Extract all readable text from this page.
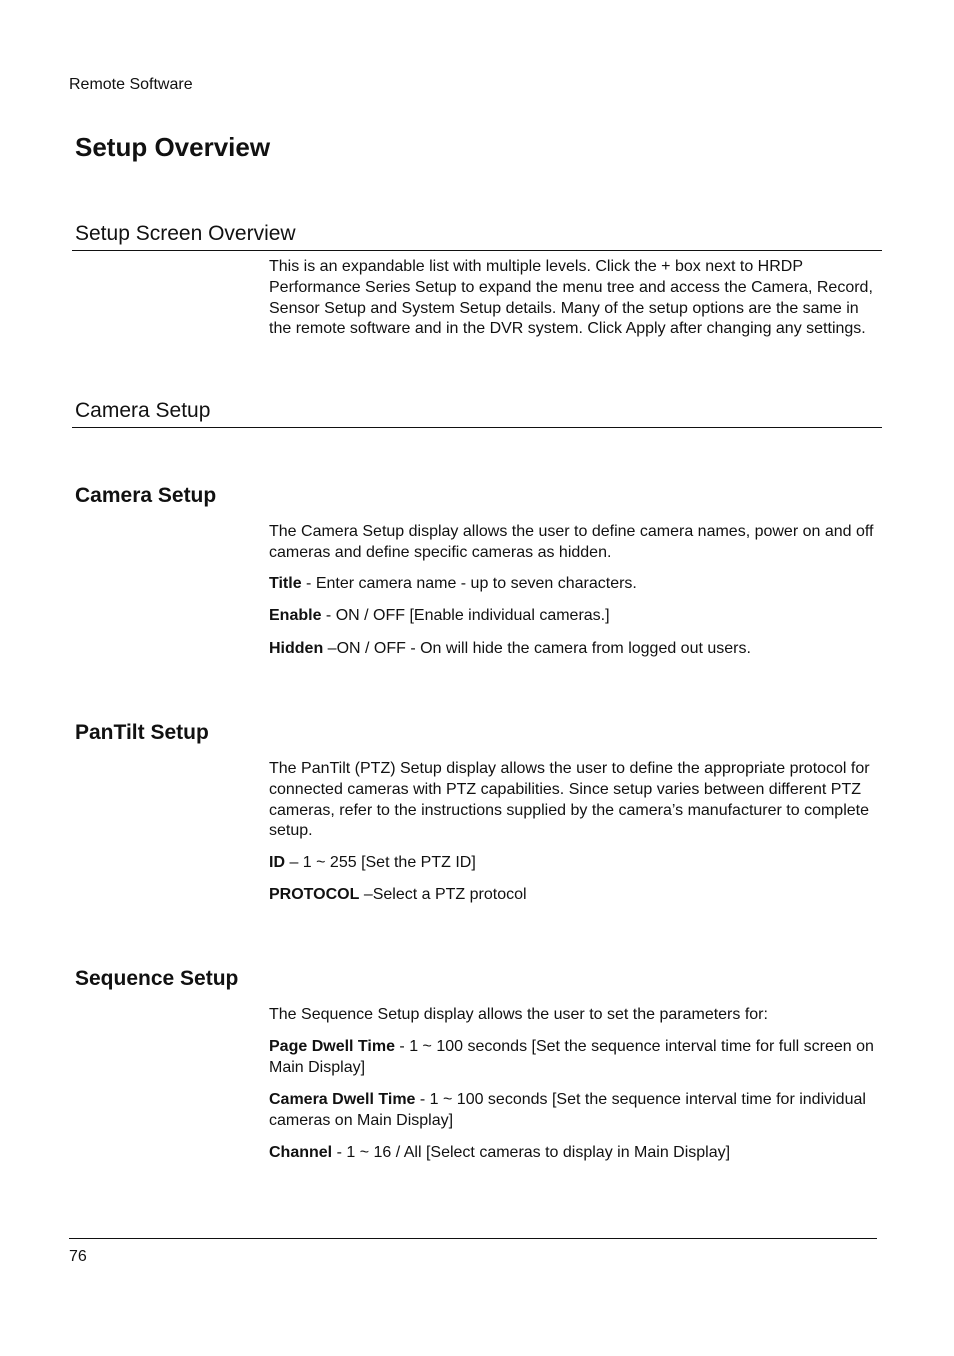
Remote Software
Setup Overview
Setup Screen Overview

This is an expandable list with multiple levels. Click the + box next to HRDP Performance Series Setup to expand the menu tree and access the Camera, Record, Sensor Setup and System Setup details. Many of the setup options are the same in the remote software and in the DVR system. Click Apply after changing any settings.

Camera Setup
Camera Setup

The Camera Setup display allows the user to define camera names, power on and off cameras and define specific cameras as hidden.

Title - Enter camera name - up to seven characters.

Enable - ON / OFF [Enable individual cameras.]

Hidden –ON / OFF - On will hide the camera from logged out users.

PanTilt Setup

The PanTilt (PTZ) Setup display allows the user to define the appropriate protocol for connected cameras with PTZ capabilities. Since setup varies between different PTZ cameras, refer to the instructions supplied by the camera’s manufacturer to complete setup.

ID – 1 ~ 255 [Set the PTZ ID]

PROTOCOL –Select a PTZ protocol

Sequence Setup

The Sequence Setup display allows the user to set the parameters for:

Page Dwell Time - 1 ~ 100 seconds [Set the sequence interval time for full screen on Main Display]

Camera Dwell Time - 1 ~ 100 seconds [Set the sequence interval time for individual cameras on Main Display]

Channel - 1 ~ 16 / All [Select cameras to display in Main Display]

76
